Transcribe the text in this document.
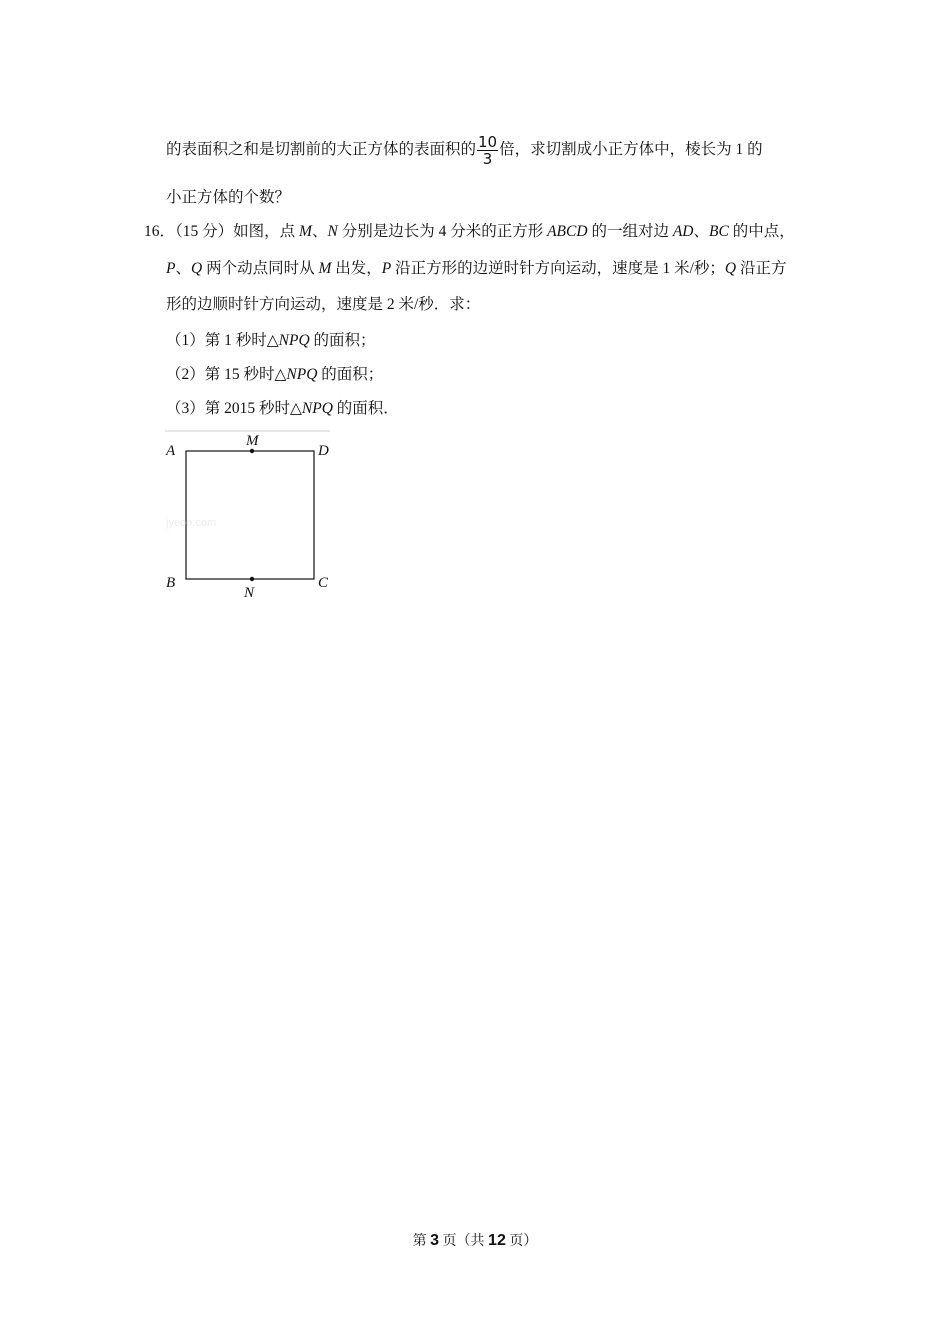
的表面积之和是切割前的大正方体的表面积的 $\frac{10}{3}$ 倍，求切割成小正方体中，棱长为 1 的
小正方体的个数？
16．（15 分）如图，点 M、N 分别是边长为 4 分米的正方形 ABCD 的一组对边 AD、BC 的中点，
P、Q 两个动点同时从 M 出发，P 沿正方形的边逆时针方向运动，速度是 1 米/秒；Q 沿正方
形的边顺时针方向运动，速度是 2 米/秒．求：
（1）第 1 秒时△NPQ 的面积；
（2）第 15 秒时△NPQ 的面积；
（3）第 2015 秒时△NPQ 的面积．
A	D
M
B	C
N
jyeoo.com
第 3 页（共 12 页）
